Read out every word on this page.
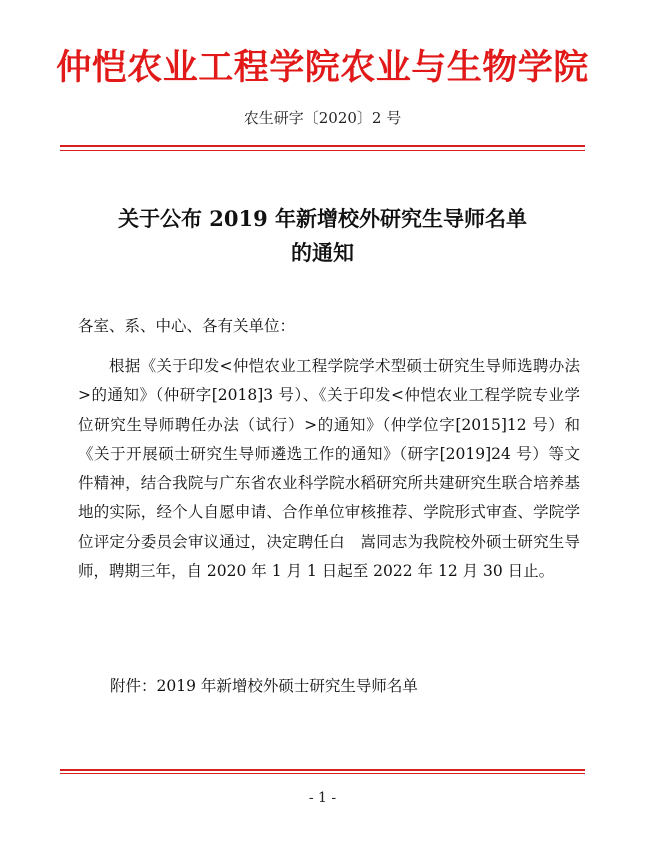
仲恺农业工程学院农业与生物学院
农生研字〔2020〕2 号
关于公布 2019 年新增校外研究生导师名单
的通知
各室、系、中心、各有关单位：
根据《关于印发<仲恺农业工程学院学术型硕士研究生导师选聘办法>的通知》（仲研字[2018]3 号）、《关于印发<仲恺农业工程学院专业学位研究生导师聘任办法（试行）>的通知》（仲学位字[2015]12 号）和《关于开展硕士研究生导师遴选工作的通知》（研字[2019]24 号）等文件精神，结合我院与广东省农业科学院水稻研究所共建研究生联合培养基地的实际，经个人自愿申请、合作单位审核推荐、学院形式审查、学院学位评定分委员会审议通过，决定聘任白　嵩同志为我院校外硕士研究生导师，聘期三年，自 2020 年 1 月 1 日起至 2022 年 12 月 30 日止。
附件：2019 年新增校外硕士研究生导师名单
- 1 -
